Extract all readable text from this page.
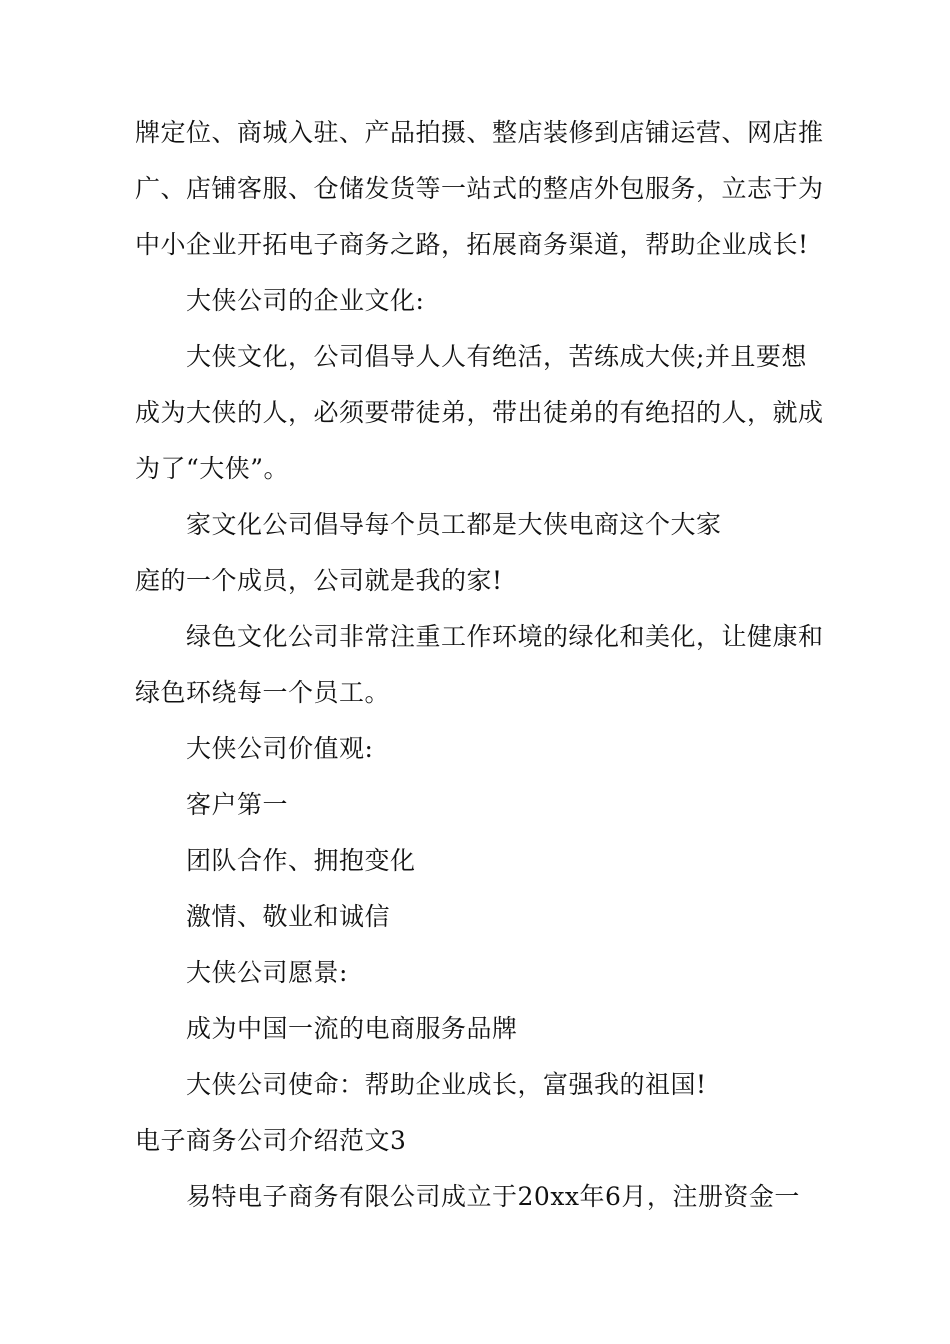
牌定位、商城入驻、产品拍摄、整店装修到店铺运营、网店推
广、店铺客服、仓储发货等一站式的整店外包服务，立志于为
中小企业开拓电子商务之路，拓展商务渠道，帮助企业成长!
大侠公司的企业文化:
大侠文化，公司倡导人人有绝活，苦练成大侠;并且要想
成为大侠的人，必须要带徒弟，带出徒弟的有绝招的人，就成
为了“大侠”。
家文化公司倡导每个员工都是大侠电商这个大家
庭的一个成员，公司就是我的家!
绿色文化公司非常注重工作环境的绿化和美化，让健康和
绿色环绕每一个员工。
大侠公司价值观:
客户第一
团队合作、拥抱变化
激情、敬业和诚信
大侠公司愿景:
成为中国一流的电商服务品牌
大侠公司使命：帮助企业成长，富强我的祖国!
电子商务公司介绍范文3
易特电子商务有限公司成立于20xx年6月，注册资金一
